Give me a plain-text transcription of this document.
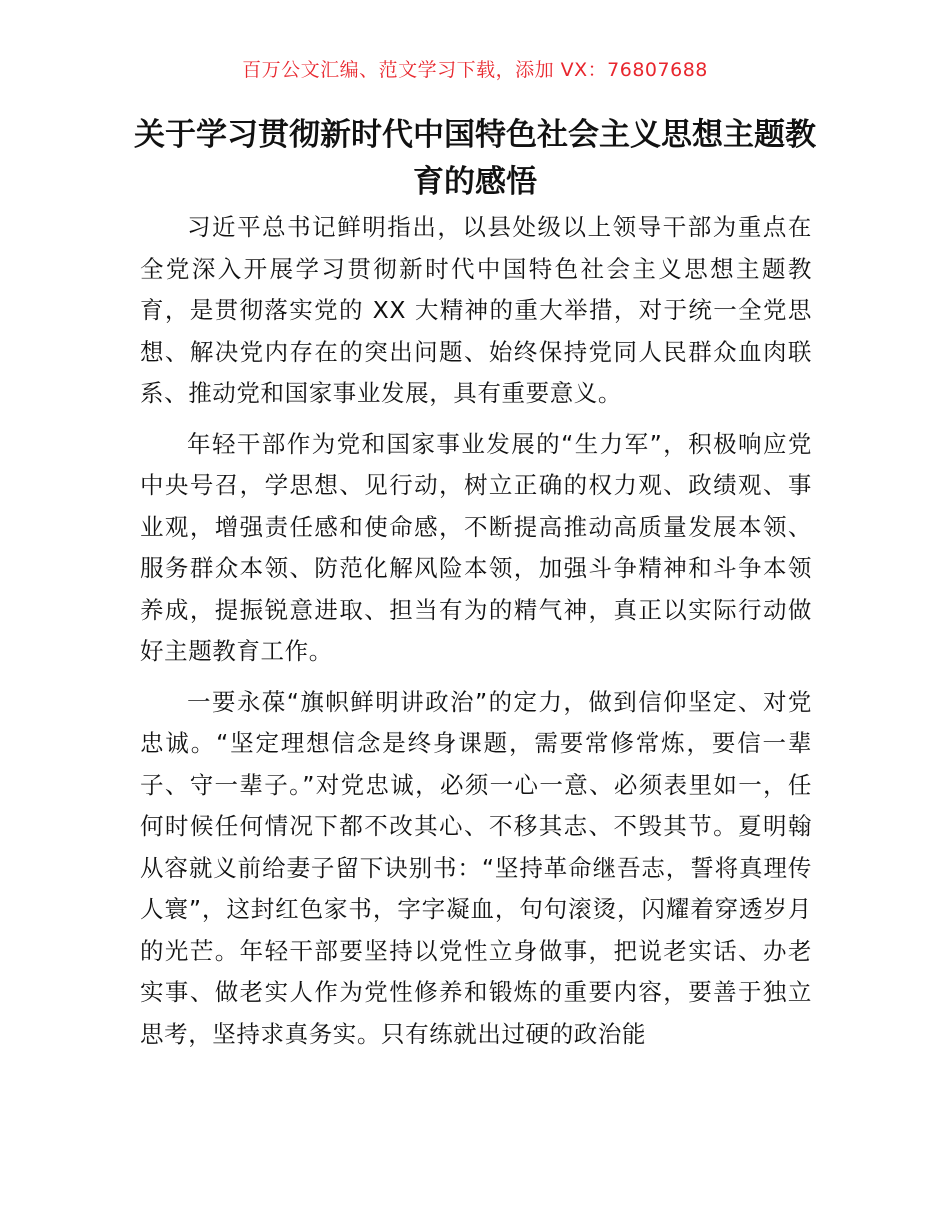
百万公文汇编、范文学习下载，添加 VX：76807688
关于学习贯彻新时代中国特色社会主义思想主题教育的感悟

习近平总书记鲜明指出，以县处级以上领导干部为重点在全党深入开展学习贯彻新时代中国特色社会主义思想主题教育，是贯彻落实党的 XX 大精神的重大举措，对于统一全党思想、解决党内存在的突出问题、始终保持党同人民群众血肉联系、推动党和国家事业发展，具有重要意义。

年轻干部作为党和国家事业发展的“生力军”，积极响应党中央号召，学思想、见行动，树立正确的权力观、政绩观、事业观，增强责任感和使命感，不断提高推动高质量发展本领、服务群众本领、防范化解风险本领，加强斗争精神和斗争本领养成，提振锐意进取、担当有为的精气神，真正以实际行动做好主题教育工作。

一要永葆“旗帜鲜明讲政治”的定力，做到信仰坚定、对党忠诚。“坚定理想信念是终身课题，需要常修常炼，要信一辈子、守一辈子。”对党忠诚，必须一心一意、必须表里如一，任何时候任何情况下都不改其心、不移其志、不毁其节。夏明翰从容就义前给妻子留下诀别书：“坚持革命继吾志，誓将真理传人寰”，这封红色家书，字字凝血，句句滚烫，闪耀着穿透岁月的光芒。年轻干部要坚持以党性立身做事，把说老实话、办老实事、做老实人作为党性修养和锻炼的重要内容，要善于独立思考，坚持求真务实。只有练就出过硬的政治能
